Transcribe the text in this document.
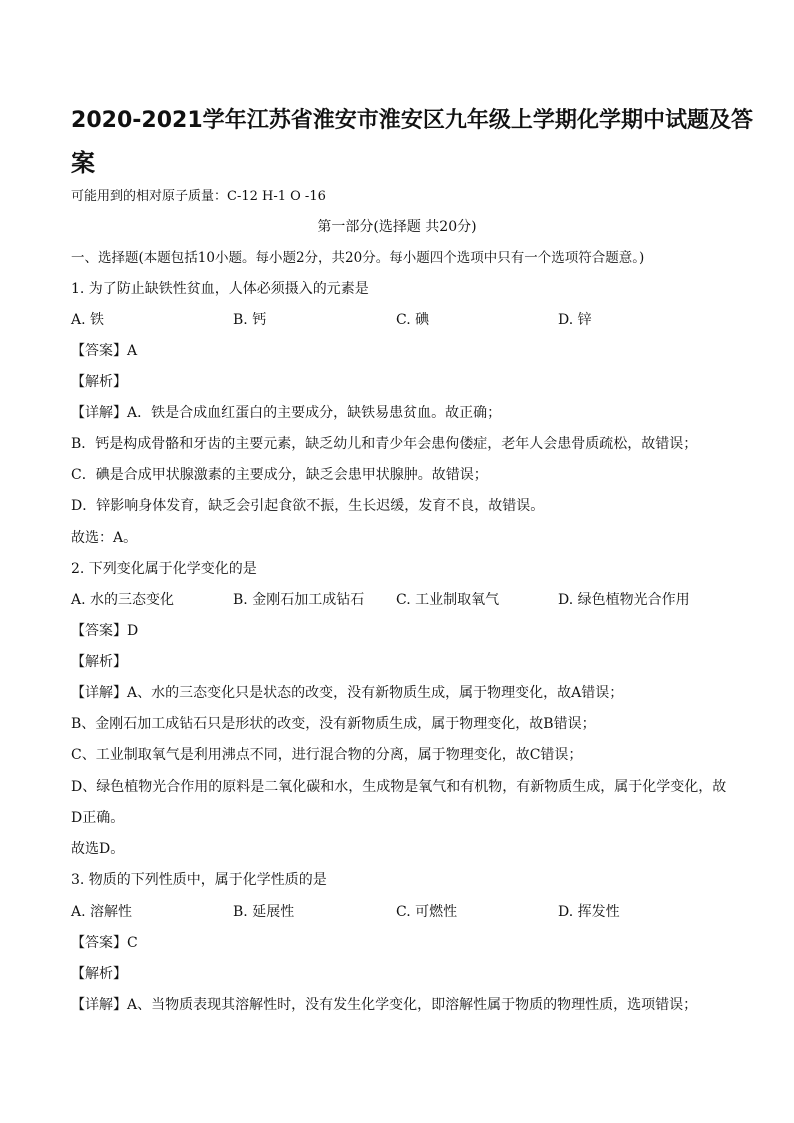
2020-2021学年江苏省淮安市淮安区九年级上学期化学期中试题及答
案
可能用到的相对原子质量：C-12 H-1 O -16
第一部分(选择题 共20分)
一、选择题(本题包括10小题。每小题2分，共20分。每小题四个选项中只有一个选项符合题意。)
1. 为了防止缺铁性贫血，人体必须摄入的元素是
A. 铁	B. 钙	C. 碘	D. 锌
【答案】A
【解析】
【详解】A．铁是合成血红蛋白的主要成分，缺铁易患贫血。故正确；
B．钙是构成骨骼和牙齿的主要元素，缺乏幼儿和青少年会患佝偻症，老年人会患骨质疏松，故错误；
C．碘是合成甲状腺激素的主要成分，缺乏会患甲状腺肿。故错误；
D．锌影响身体发育，缺乏会引起食欲不振，生长迟缓，发育不良，故错误。
故选：A。
2. 下列变化属于化学变化的是
A. 水的三态变化	B. 金刚石加工成钻石 C. 工业制取氧气	D. 绿色植物光合作用
【答案】D
【解析】
【详解】A、水的三态变化只是状态的改变，没有新物质生成，属于物理变化，故A错误；
B、金刚石加工成钻石只是形状的改变，没有新物质生成，属于物理变化，故B错误；
C、工业制取氧气是利用沸点不同，进行混合物的分离，属于物理变化，故C错误；
D、绿色植物光合作用的原料是二氧化碳和水，生成物是氧气和有机物，有新物质生成，属于化学变化，故
D正确。
故选D。
3. 物质的下列性质中，属于化学性质的是
A. 溶解性	B. 延展性	C. 可燃性	D. 挥发性
【答案】C
【解析】
【详解】A、当物质表现其溶解性时，没有发生化学变化，即溶解性属于物质的物理性质，选项错误；
